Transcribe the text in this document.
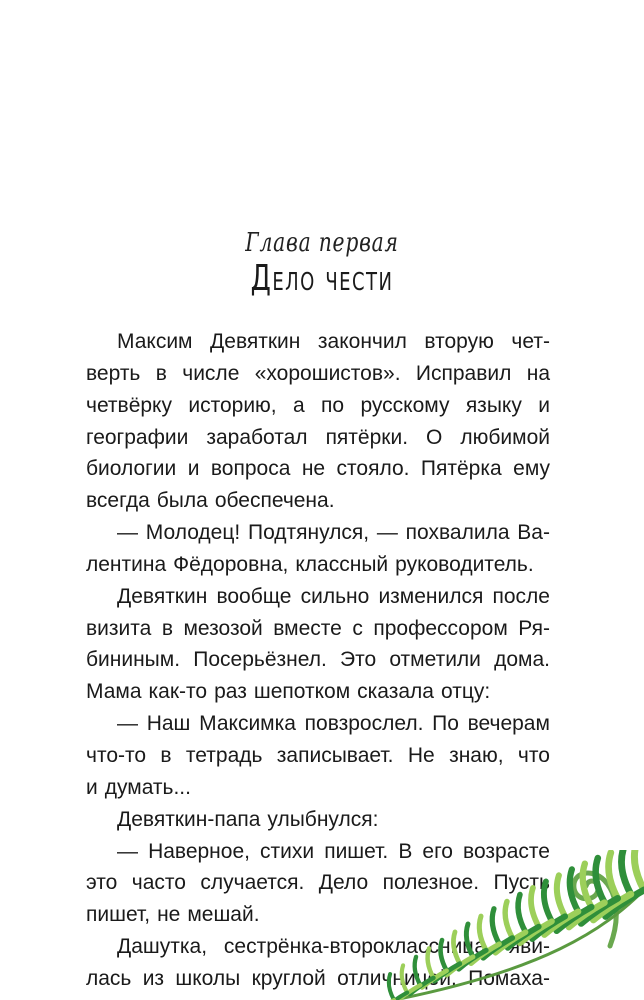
Глава первая
Дело чести
Максим Девяткин закончил вторую чет-
верть в числе «хорошистов». Исправил на
четвёрку историю, а по русскому языку и
географии заработал пятёрки. О любимой
биологии и вопроса не стояло. Пятёрка ему
всегда была обеспечена.
— Молодец! Подтянулся, — похвалила Ва-
лентина Фёдоровна, классный руководитель.
Девяткин вообще сильно изменился после
визита в мезозой вместе с профессором Ря-
бининым. Посерьёзнел. Это отметили дома.
Мама как-то раз шепотком сказала отцу:
— Наш Максимка повзрослел. По вечерам
что-то в тетрадь записывает. Не знаю, что
и думать...
Девяткин-папа улыбнулся:
— Наверное, стихи пишет. В его возрасте
это часто случается. Дело полезное. Пусть
пишет, не мешай.
Дашутка, сестрёнка-второклассница, яви-
лась из школы круглой отличницей. Помаха-
